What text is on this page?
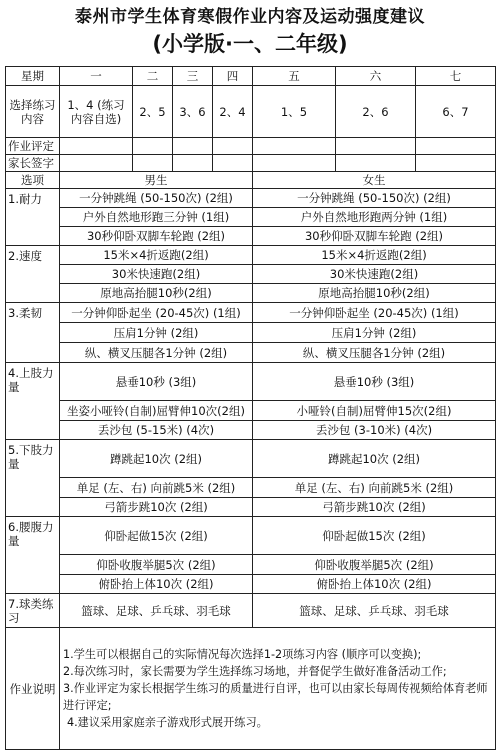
泰州市学生体育寒假作业内容及运动强度建议
(小学版·一、二年级)
星期	一	二	三	四	五	六	七
选择练习内容	1、4 (练习内容自选)	2、5	3、6	2、4	1、5	2、6	6、7
作业评定							
家长签字							
选项	男生				女生		
1.耐力	一分钟跳绳 (50-150次) (2组)				一分钟跳绳 (50-150次) (2组)		
	户外自然地形跑三分钟 (1组)				户外自然地形跑两分钟 (1组)		
	30秒仰卧双脚车轮跑 (2组)				30秒仰卧双脚车轮跑 (2组)		
2.速度	15米×4折返跑(2组)				15米×4折返跑(2组)		
	30米快速跑(2组)				30米快速跑(2组)		
	原地高抬腿10秒(2组)				原地高抬腿10秒(2组)		
3.柔韧	一分钟仰卧起坐 (20-45次) (1组)				一分钟仰卧起坐 (20-45次) (1组)		
	压肩1分钟 (2组)				压肩1分钟 (2组)		
	纵、横叉压腿各1分钟 (2组)				纵、横叉压腿各1分钟 (2组)		
4.上肢力量	悬垂10秒 (3组)				悬垂10秒 (3组)		
	坐姿小哑铃(自制)屈臂伸10次(2组)				小哑铃(自制)屈臂伸15次(2组)		
	丢沙包 (5-15米) (4次)				丢沙包 (3-10米) (4次)		
5.下肢力量	蹲跳起10次 (2组)				蹲跳起10次 (2组)		
	单足 (左、右) 向前跳5米 (2组)				单足 (左、右) 向前跳5米 (2组)		
	弓箭步跳10次 (2组)				弓箭步跳10次 (2组)		
6.腰腹力量	仰卧起做15次 (2组)				仰卧起做15次 (2组)		
	仰卧收腹举腿5次 (2组)				仰卧收腹举腿5次 (2组)		
	俯卧抬上体10次 (2组)				俯卧抬上体10次 (2组)		
7.球类练习	篮球、足球、乒乓球、羽毛球				篮球、足球、乒乓球、羽毛球		
作业说明	1.学生可以根据自己的实际情况每次选择1-2项练习内容 (顺序可以变换);
2.每次练习时，家长需要为学生选择练习场地，并督促学生做好准备活动工作;
3.作业评定为家长根据学生练习的质量进行自评，也可以由家长每周传视频给体育老师进行评定;
4.建议采用家庭亲子游戏形式展开练习。						
